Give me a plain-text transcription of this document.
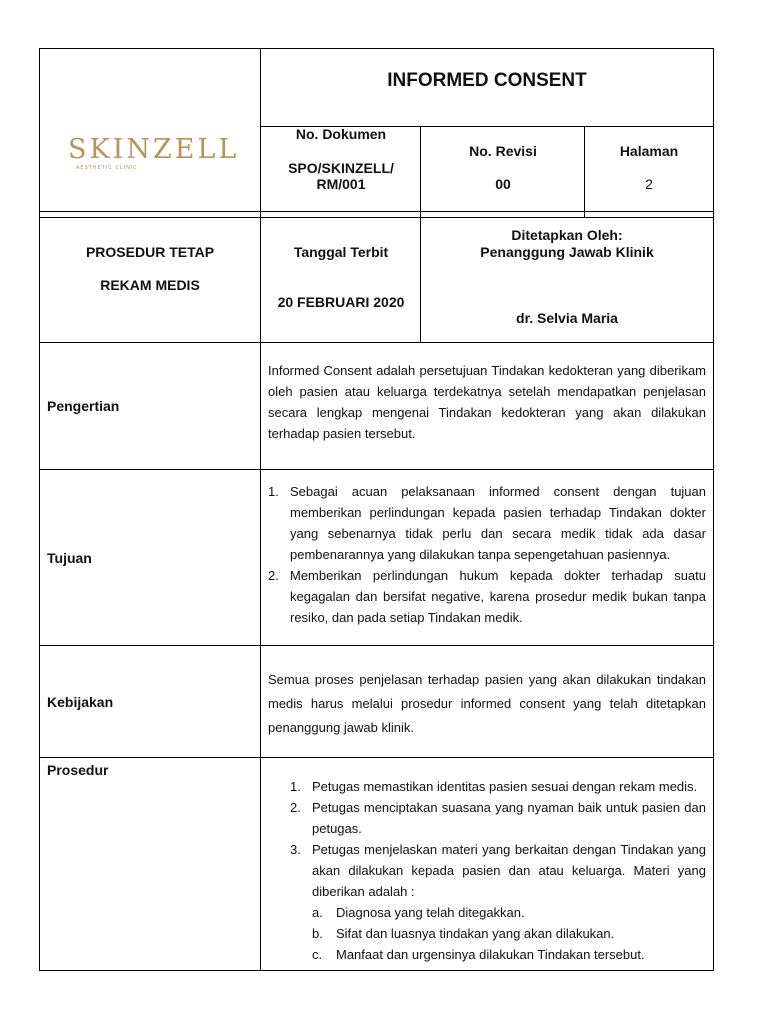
SKINZELL
AESTHETIC CLINIC
INFORMED CONSENT
No. Dokumen
SPO/SKINZELL/
RM/001
No. Revisi
00
Halaman
2
PROSEDUR TETAP
REKAM MEDIS
Tanggal Terbit
20 FEBRUARI 2020
Ditetapkan Oleh:
Penanggung Jawab Klinik
dr. Selvia Maria
Pengertian
Informed Consent adalah persetujuan Tindakan kedokteran yang diberikam oleh pasien atau keluarga terdekatnya setelah mendapatkan penjelasan secara lengkap mengenai Tindakan kedokteran yang akan dilakukan terhadap pasien tersebut.
Tujuan
1. Sebagai acuan pelaksanaan informed consent dengan tujuan memberikan perlindungan kepada pasien terhadap Tindakan dokter yang sebenarnya tidak perlu dan secara medik tidak ada dasar pembenarannya yang dilakukan tanpa sepengetahuan pasiennya.
2. Memberikan perlindungan hukum kepada dokter terhadap suatu kegagalan dan bersifat negative, karena prosedur medik bukan tanpa resiko, dan pada setiap Tindakan medik.
Kebijakan
Semua proses penjelasan terhadap pasien yang akan dilakukan tindakan medis harus melalui prosedur informed consent yang telah ditetapkan penanggung jawab klinik.
Prosedur
1. Petugas memastikan identitas pasien sesuai dengan rekam medis.
2. Petugas menciptakan suasana yang nyaman baik untuk pasien dan petugas.
3. Petugas menjelaskan materi yang berkaitan dengan Tindakan yang akan dilakukan kepada pasien dan atau keluarga. Materi yang diberikan adalah :
a. Diagnosa yang telah ditegakkan.
b. Sifat dan luasnya tindakan yang akan dilakukan.
c. Manfaat dan urgensinya dilakukan Tindakan tersebut.
